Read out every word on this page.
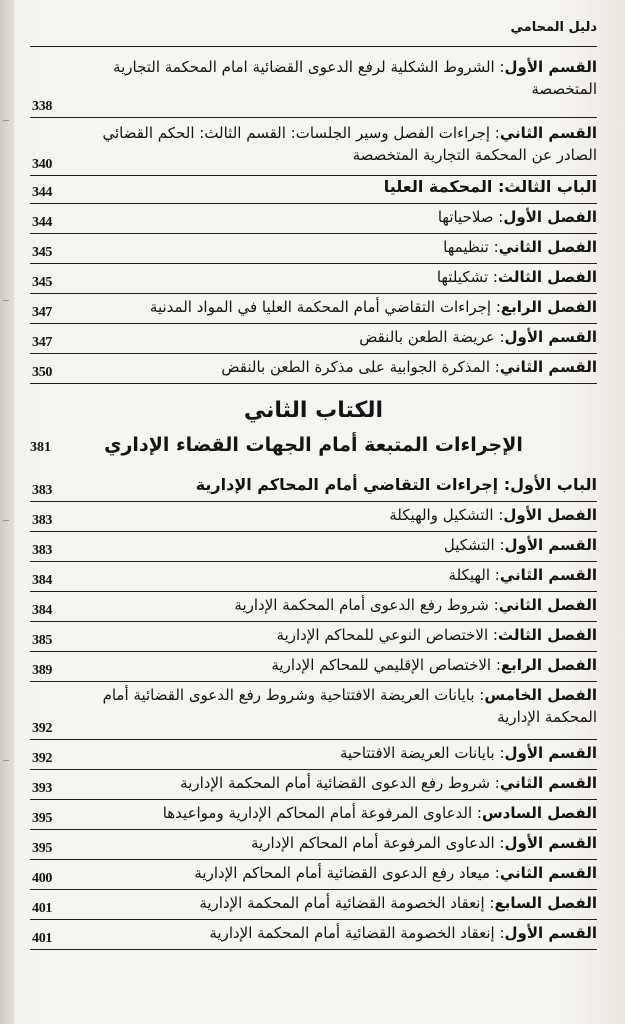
دليل المحامي
القسم الأول: الشروط الشكلية لرفع الدعوى القضائية امام المحكمة التجارية المتخصصة
338
القسم الثاني: إجراءات الفصل وسير الجلسات: القسم الثالث: الحكم القضائي الصادر عن المحكمة التجارية المتخصصة
340
الباب الثالث: المحكمة العليا
344
الفصل الأول: صلاحياتها
344
الفصل الثاني: تنظيمها
345
الفصل الثالث: تشكيلتها
345
الفصل الرابع: إجراءات التقاضي أمام المحكمة العليا في المواد المدنية
347
القسم الأول: عريضة الطعن بالنقض
347
القسم الثاني: المذكرة الجوابية على مذكرة الطعن بالنقض
350
الكتاب الثاني
الإجراءات المتبعة أمام الجهات القضاء الإداري
381
الباب الأول: إجراءات التقاضي أمام المحاكم الإدارية
383
الفصل الأول: التشكيل والهيكلة
383
القسم الأول: التشكيل
383
القسم الثاني: الهيكلة
384
الفصل الثاني: شروط رفع الدعوى أمام المحكمة الإدارية
384
الفصل الثالث: الاختصاص النوعي للمحاكم الإدارية
385
الفصل الرابع: الاختصاص الإقليمي للمحاكم الإدارية
389
الفصل الخامس: بايانات العريضة الافتتاحية وشروط رفع الدعوى القضائية أمام المحكمة الإدارية
392
القسم الأول: بايانات العريضة الافتتاحية
392
القسم الثاني: شروط رفع الدعوى القضائية أمام المحكمة الإدارية
393
الفصل السادس: الدعاوى المرفوعة أمام المحاكم الإدارية ومواعيدها
395
القسم الأول: الدعاوى المرفوعة أمام المحاكم الإدارية
395
القسم الثاني: ميعاد رفع الدعوى القضائية أمام المحاكم الإدارية
400
الفصل السابع: إنعقاد الخصومة القضائية أمام المحكمة الإدارية
401
القسم الأول: إنعقاد الخصومة القضائية أمام المحكمة الإدارية
401
